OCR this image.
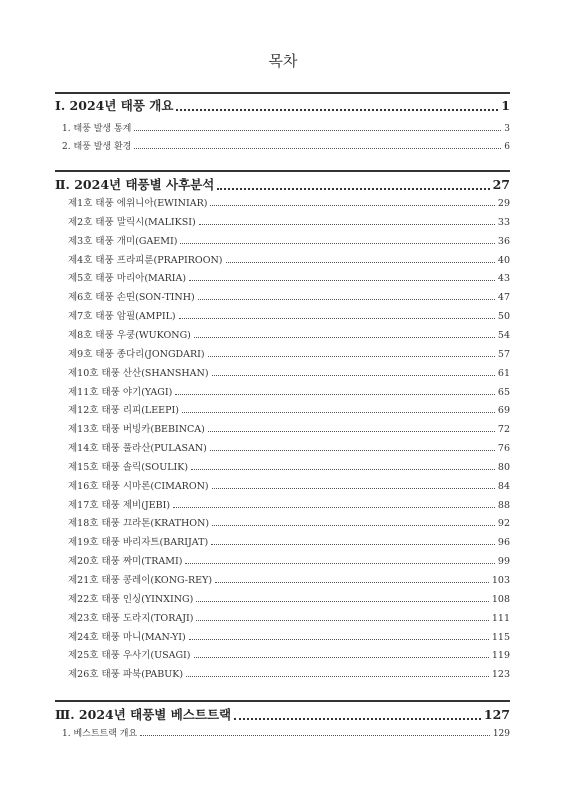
목차
Ⅰ. 2024년 태풍 개요	1
1. 태풍 발생 통계	3
2. 태풍 발생 환경	6
Ⅱ. 2024년 태풍별 사후분석	27
제1호 태풍 에위니아(EWINIAR)	29
제2호 태풍 말릭시(MALIKSI)	33
제3호 태풍 개미(GAEMI)	36
제4호 태풍 프라피룬(PRAPIROON)	40
제5호 태풍 마리아(MARIA)	43
제6호 태풍 손띤(SON-TINH)	47
제7호 태풍 암필(AMPIL)	50
제8호 태풍 우쿵(WUKONG)	54
제9호 태풍 종다리(JONGDARI)	57
제10호 태풍 산산(SHANSHAN)	61
제11호 태풍 야기(YAGI)	65
제12호 태풍 리피(LEEPI)	69
제13호 태풍 버빙카(BEBINCA)	72
제14호 태풍 풀라산(PULASAN)	76
제15호 태풍 솔릭(SOULIK)	80
제16호 태풍 시마론(CIMARON)	84
제17호 태풍 제비(JEBI)	88
제18호 태풍 끄라톤(KRATHON)	92
제19호 태풍 바리자트(BARIJAT)	96
제20호 태풍 짜미(TRAMI)	99
제21호 태풍 콩레이(KONG-REY)	103
제22호 태풍 인싱(YINXING)	108
제23호 태풍 도라지(TORAJI)	111
제24호 태풍 마니(MAN-YI)	115
제25호 태풍 우사기(USAGI)	119
제26호 태풍 파북(PABUK)	123
Ⅲ. 2024년 태풍별 베스트트랙	127
1. 베스트트랙 개요	129
